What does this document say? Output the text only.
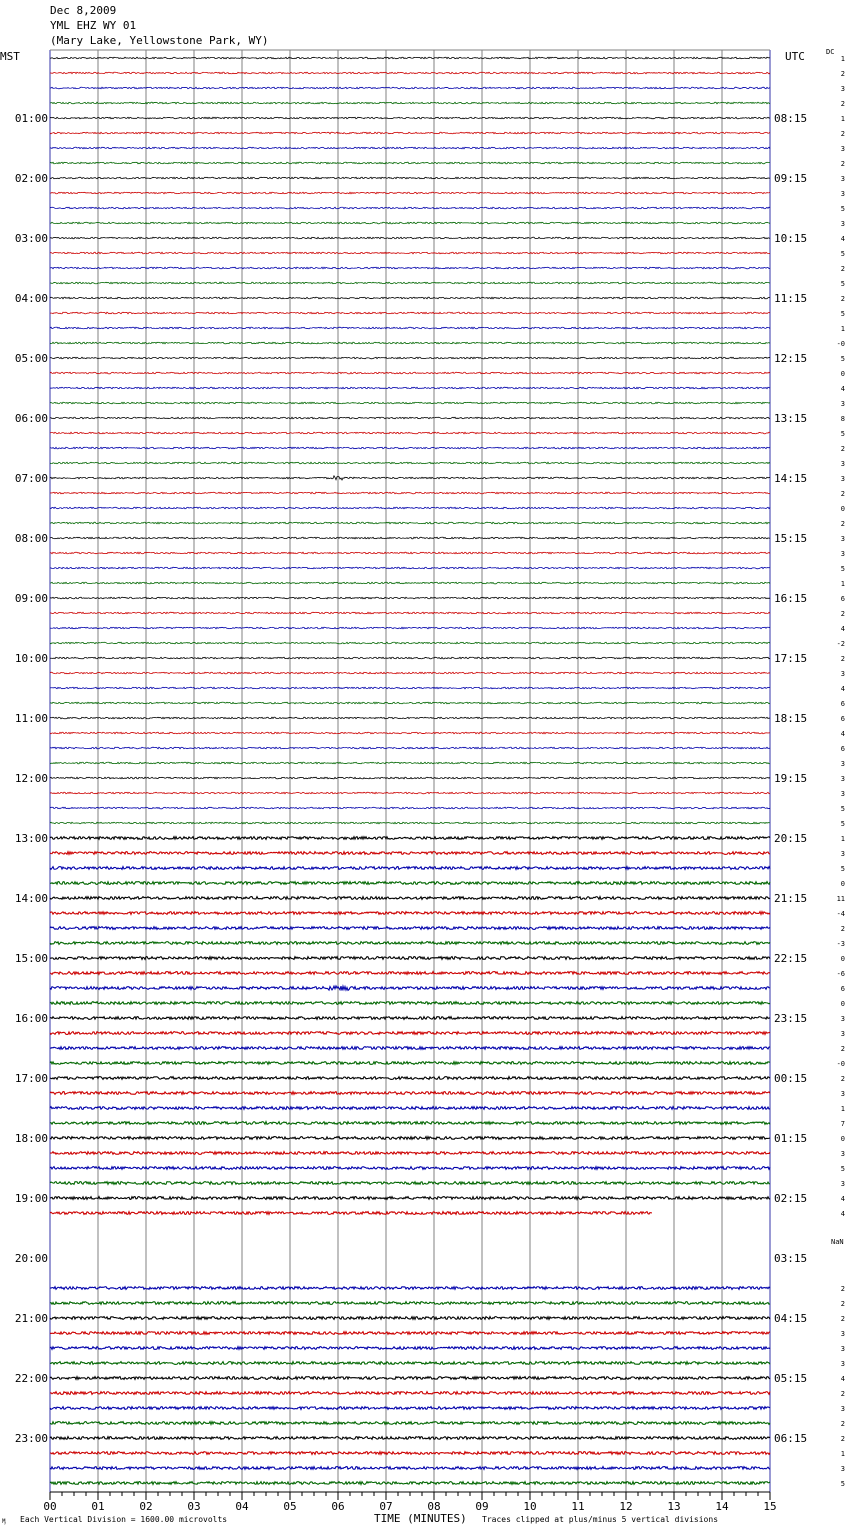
Dec 8,2009
YML EHZ WY 01
(Mary Lake, Yellowstone Park, WY)
MST	UTC	DC
NaN
00	01	02	03	04	05	06	07	08	09	10	11	12	13	14	15
01:00
02:00
03:00
04:00
05:00
06:00
07:00
08:00
09:00
10:00
11:00
12:00
13:00
14:00
15:00
16:00
17:00
18:00
19:00
20:00
21:00
22:00
23:00
08:15
09:15
10:15
11:15
12:15
13:15
14:15
15:15
16:15
17:15
18:15
19:15
20:15
21:15
22:15
23:15
00:15
01:15
02:15
03:15
04:15
05:15
06:15
1
2
3
2
1
2
3
2
3
3
5
3
4
5
2
5
2
5
1
-0
5
0
4
3
8
5
2
3
3
2
0
2
3
3
5
1
6
2
4
-2
2
3
4
6
6
4
6
3
3
3
5
5
1
3
5
0
11
-4
2
-3
0
-6
6
0
3
3
2
-0
2
3
1
7
0
3
5
3
4
4
2
2
2
3
3
3
4
2
3
2
2
1
3
5
Each Vertical Division = 1600.00 microvolts	TIME (MINUTES) Traces clipped at plus/minus 5 vertical divisions
Ӎ
